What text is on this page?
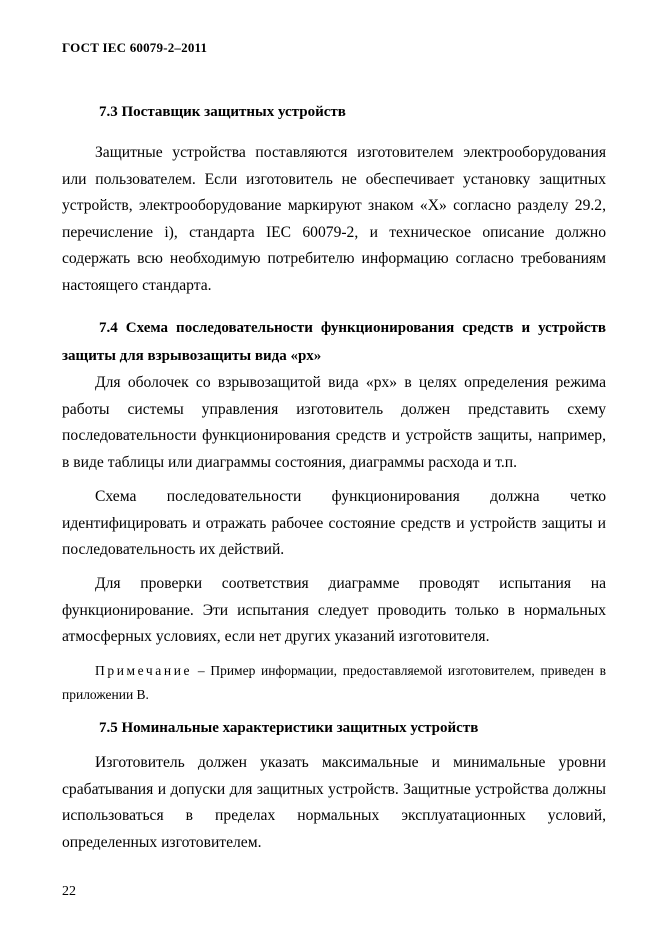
ГОСТ IEC 60079-2–2011
7.3 Поставщик защитных устройств
Защитные устройства поставляются изготовителем электрооборудования или пользователем. Если изготовитель не обеспечивает установку защитных устройств, электрооборудование маркируют знаком «Х» согласно разделу 29.2, перечисление i), стандарта IEC 60079-2, и техническое описание должно содержать всю необходимую потребителю информацию согласно требованиям настоящего стандарта.
7.4 Схема последовательности функционирования средств и устройств защиты для взрывозащиты вида «рх»
Для оболочек со взрывозащитой вида «рх» в целях определения режима работы системы управления изготовитель должен представить схему последовательности функционирования средств и устройств защиты, например, в виде таблицы или диаграммы состояния, диаграммы расхода и т.п.
Схема последовательности функционирования должна четко идентифицировать и отражать рабочее состояние средств и устройств защиты и последовательность их действий.
Для проверки соответствия диаграмме проводят испытания на функционирование. Эти испытания следует проводить только в нормальных атмосферных условиях, если нет других указаний изготовителя.
Примечание – Пример информации, предоставляемой изготовителем, приведен в приложении В.
7.5 Номинальные характеристики защитных устройств
Изготовитель должен указать максимальные и минимальные уровни срабатывания и допуски для защитных устройств. Защитные устройства должны использоваться в пределах нормальных эксплуатационных условий, определенных изготовителем.
22
